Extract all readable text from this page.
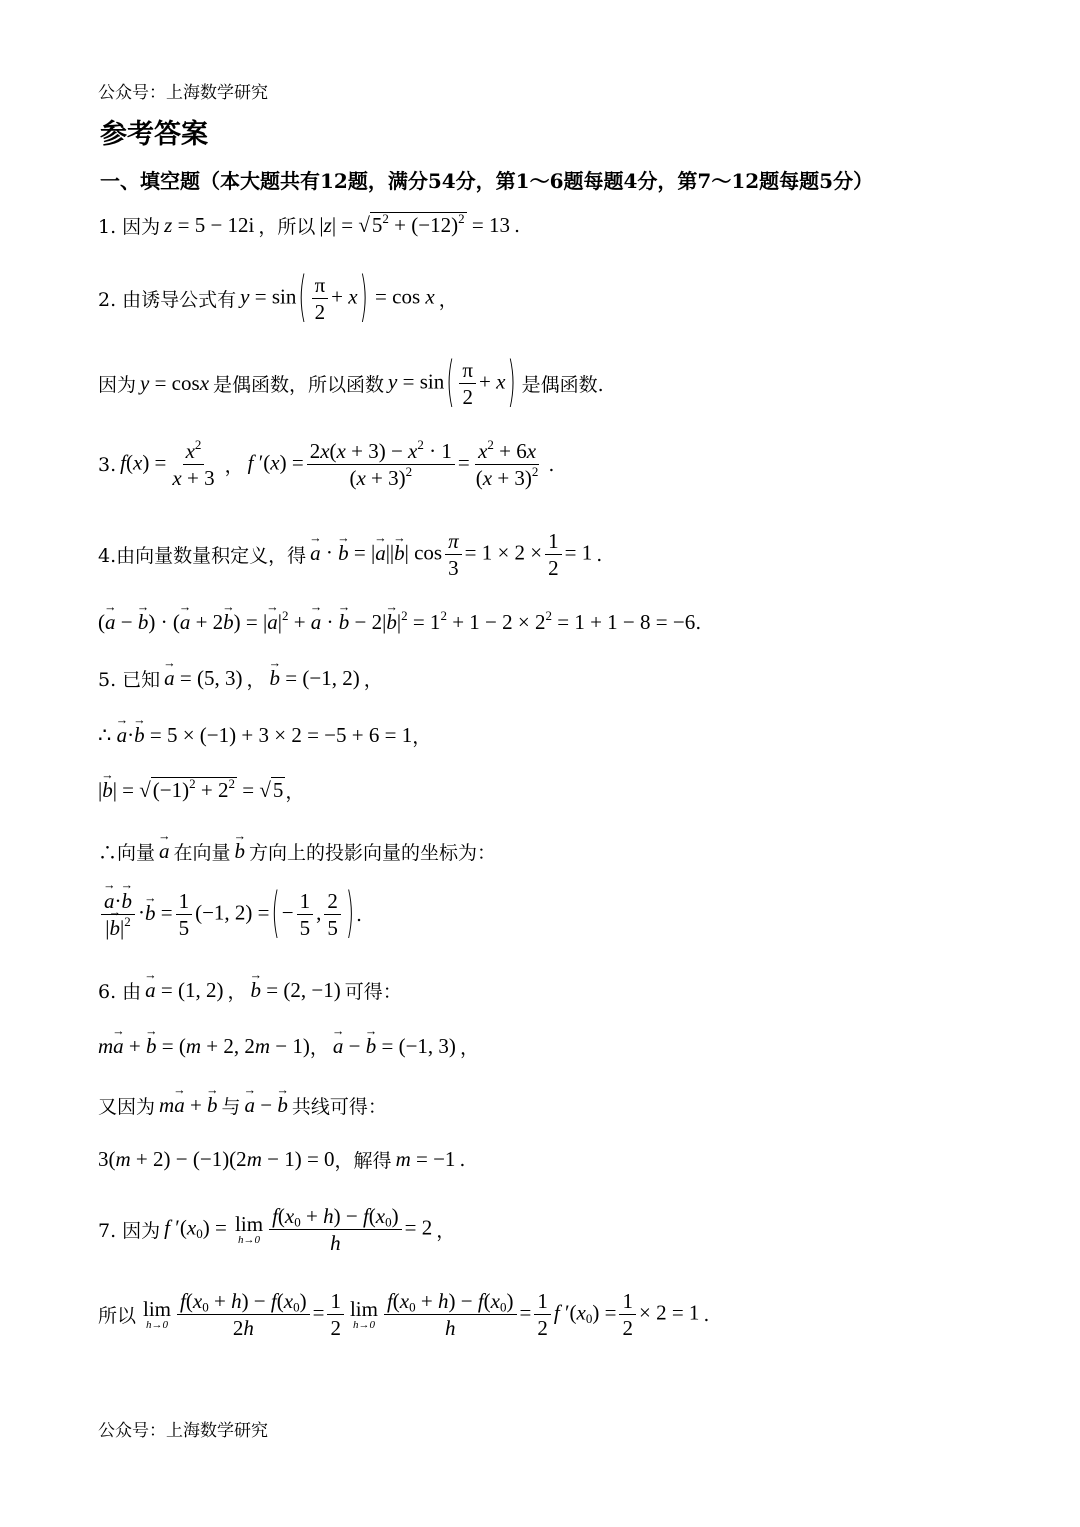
公众号：上海数学研究
参考答案
一、填空题（本大题共有12题，满分54分，第1～6题每题4分，第7～12题每题5分）
1. 因为 z = 5 − 12i ，所以 $|z| = √5^2 + (-12)^2 = 13$ .
2. 由诱导公式有 $y = \sin( \frac{\pi}{2} + x) = \cos x$ ，
因为 y = cosx 是偶函数，所以函数 $y = \sin( \frac{\pi}{2} + x)$ 是偶函数.
3. $f(x) = \frac{x^2}{x + 3}$ ， f $'(x) = \frac{2x(x + 3) - x^2 \cdot 1}{(x + 3)^2} = \frac{x^2 + 6x}{(x + 3)^2}$ .
4.由向量数量积定义，得 → a · → b = |→ a||→ b| $\cos \frac{\pi}{3} = 1 \times 2 \times \frac{1}{2} = 1$ .
(→ a − → b) · (→ a + 2→ b) = |→ $a|^2$ + → a · → $b - 2|\to b|^2 = 1^2 + 1 - 2 \times 2^2 = 1 + 1 - 8 = -6$ .
5. 已知 → a = (5, 3) ， → b = (−1, 2) ，
∴ → a·→ b = 5 × (−1) + 3 × 2 = −5 + 6 = 1 ，
|→ $b| = √(-1)^2 + 2^2 = √5$ ，
∴向量 → a 在向量 → b 方向上的投影向量的坐标为：
→ $\frac{a\cdot\to b}{|\to b|^2} \cdot\to b = \frac{1}{5} (-1$, 2) =(− $\frac{1}{5}$ , $\frac{2}{5}$ ) .
6. 由 → a = (1, 2) ， → b = (2, −1) 可得：
m→ a + → b = (m + 2, 2m − 1) ， → a − → b = (−1, 3) ，
又因为 m→ a + → b 与 → a − → b 共线可得：
3(m + 2) − (−1)(2m − 1) = 0 ，解得 m = −1 .
7. 因为 f $'(x_0) = \lim$
$h\to 0 \frac{f(x_0 + h) - f(x_0)}{h} = 2$ ，
所以 lim
$h\to 0 \frac{f(x_0 + h) - f(x_0)}{2h} = \frac{1}{2}$ lim
$h\to 0 \frac{f(x_0 + h) - f(x_0)}{h} = \frac{1}{2}$ f $'(x_0) = \frac{1}{2} \times 2 = 1$ .
公众号：上海数学研究
